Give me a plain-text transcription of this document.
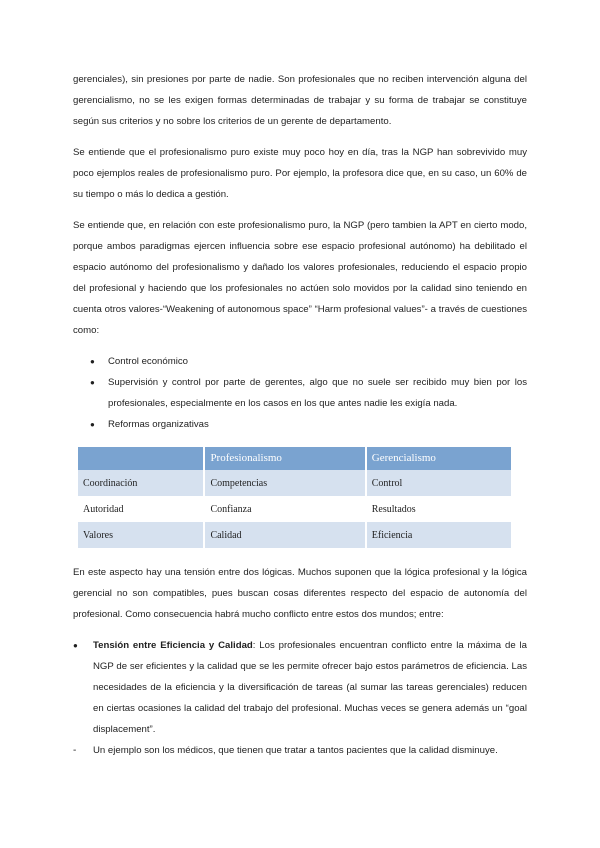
gerenciales), sin presiones por parte de nadie. Son profesionales que no reciben intervención alguna del gerencialismo, no se les exigen formas determinadas de trabajar y su forma de trabajar se constituye según sus criterios y no sobre los criterios de un gerente de departamento.

Se entiende que el profesionalismo puro existe muy poco hoy en día, tras la NGP han sobrevivido muy poco ejemplos reales de profesionalismo puro. Por ejemplo, la profesora dice que, en su caso, un 60% de su tiempo o más lo dedica a gestión.

Se entiende que, en relación con este profesionalismo puro, la NGP (pero tambien la APT en cierto modo, porque ambos paradigmas ejercen influencia sobre ese espacio profesional autónomo) ha debilitado el espacio autónomo del profesionalismo y dañado los valores profesionales, reduciendo el espacio propio del profesional y haciendo que los profesionales no actúen solo movidos por la calidad sino teniendo en cuenta otros valores-“Weakening of autonomous space” “Harm profesional values”- a través de cuestiones como:

● Control económico
● Supervisión y control por parte de gerentes, algo que no suele ser recibido muy bien por los profesionales, especialmente en los casos en los que antes nadie les exigía nada.
● Reformas organizativas
	Profesionalismo	Gerencialismo
Coordinación	Competencias	Control
Autoridad	Confianza	Resultados
Valores	Calidad	Eficiencia

En este aspecto hay una tensión entre dos lógicas. Muchos suponen que la lógica profesional y la lógica gerencial no son compatibles, pues buscan cosas diferentes respecto del espacio de autonomía del profesional. Como consecuencia habrá mucho conflicto entre estos dos mundos; entre:

● Tensión entre Eficiencia y Calidad: Los profesionales encuentran conflicto entre la máxima de la NGP de ser eficientes y la calidad que se les permite ofrecer bajo estos parámetros de eficiencia. Las necesidades de la eficiencia y la diversificación de tareas (al sumar las tareas gerenciales) reducen en ciertas ocasiones la calidad del trabajo del profesional. Muchas veces se genera además un “goal displacement”.
- Un ejemplo son los médicos, que tienen que tratar a tantos pacientes que la calidad disminuye.
